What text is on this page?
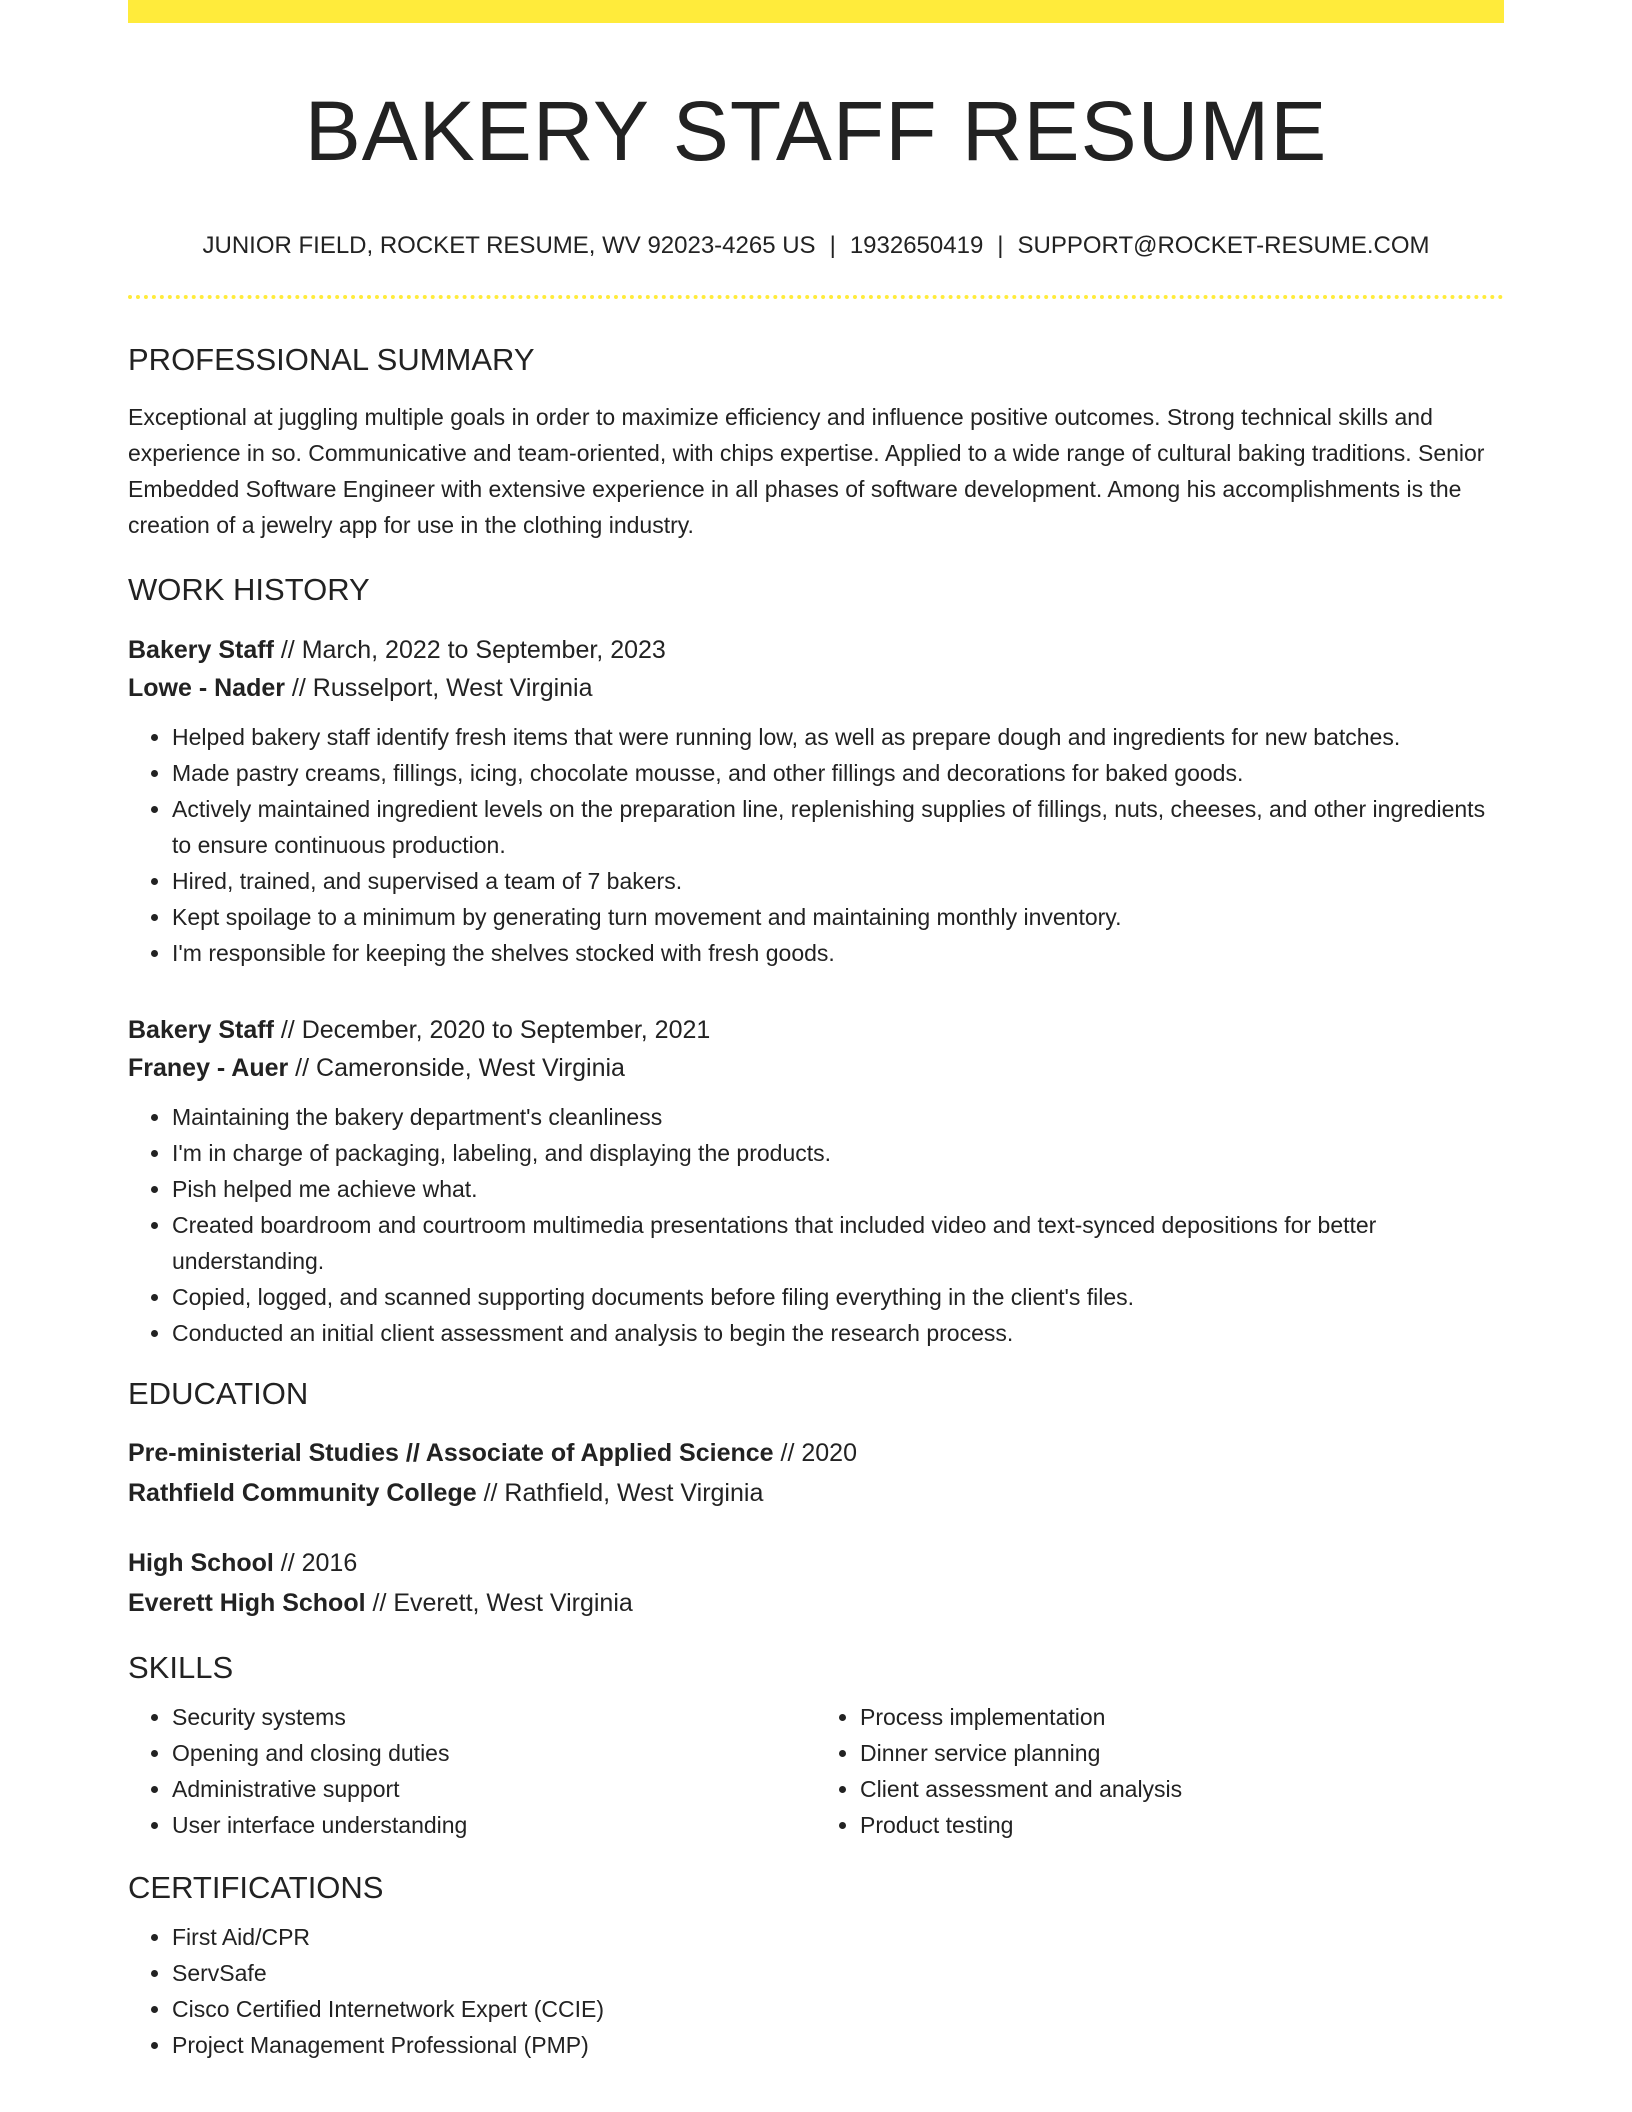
BAKERY STAFF RESUME
JUNIOR FIELD, ROCKET RESUME, WV 92023-4265 US | 1932650419 | SUPPORT@ROCKET-RESUME.COM
PROFESSIONAL SUMMARY
Exceptional at juggling multiple goals in order to maximize efficiency and influence positive outcomes. Strong technical skills and experience in so. Communicative and team-oriented, with chips expertise. Applied to a wide range of cultural baking traditions. Senior Embedded Software Engineer with extensive experience in all phases of software development. Among his accomplishments is the creation of a jewelry app for use in the clothing industry.
WORK HISTORY
Bakery Staff // March, 2022 to September, 2023
Lowe - Nader // Russelport, West Virginia
• Helped bakery staff identify fresh items that were running low, as well as prepare dough and ingredients for new batches.
• Made pastry creams, fillings, icing, chocolate mousse, and other fillings and decorations for baked goods.
• Actively maintained ingredient levels on the preparation line, replenishing supplies of fillings, nuts, cheeses, and other ingredients to ensure continuous production.
• Hired, trained, and supervised a team of 7 bakers.
• Kept spoilage to a minimum by generating turn movement and maintaining monthly inventory.
• I'm responsible for keeping the shelves stocked with fresh goods.
Bakery Staff // December, 2020 to September, 2021
Franey - Auer // Cameronside, West Virginia
• Maintaining the bakery department's cleanliness
• I'm in charge of packaging, labeling, and displaying the products.
• Pish helped me achieve what.
• Created boardroom and courtroom multimedia presentations that included video and text-synced depositions for better understanding.
• Copied, logged, and scanned supporting documents before filing everything in the client's files.
• Conducted an initial client assessment and analysis to begin the research process.
EDUCATION
Pre-ministerial Studies // Associate of Applied Science // 2020
Rathfield Community College // Rathfield, West Virginia
High School // 2016
Everett High School // Everett, West Virginia
SKILLS
• Security systems
• Opening and closing duties
• Administrative support
• User interface understanding
• Process implementation
• Dinner service planning
• Client assessment and analysis
• Product testing
CERTIFICATIONS
• First Aid/CPR
• ServSafe
• Cisco Certified Internetwork Expert (CCIE)
• Project Management Professional (PMP)
